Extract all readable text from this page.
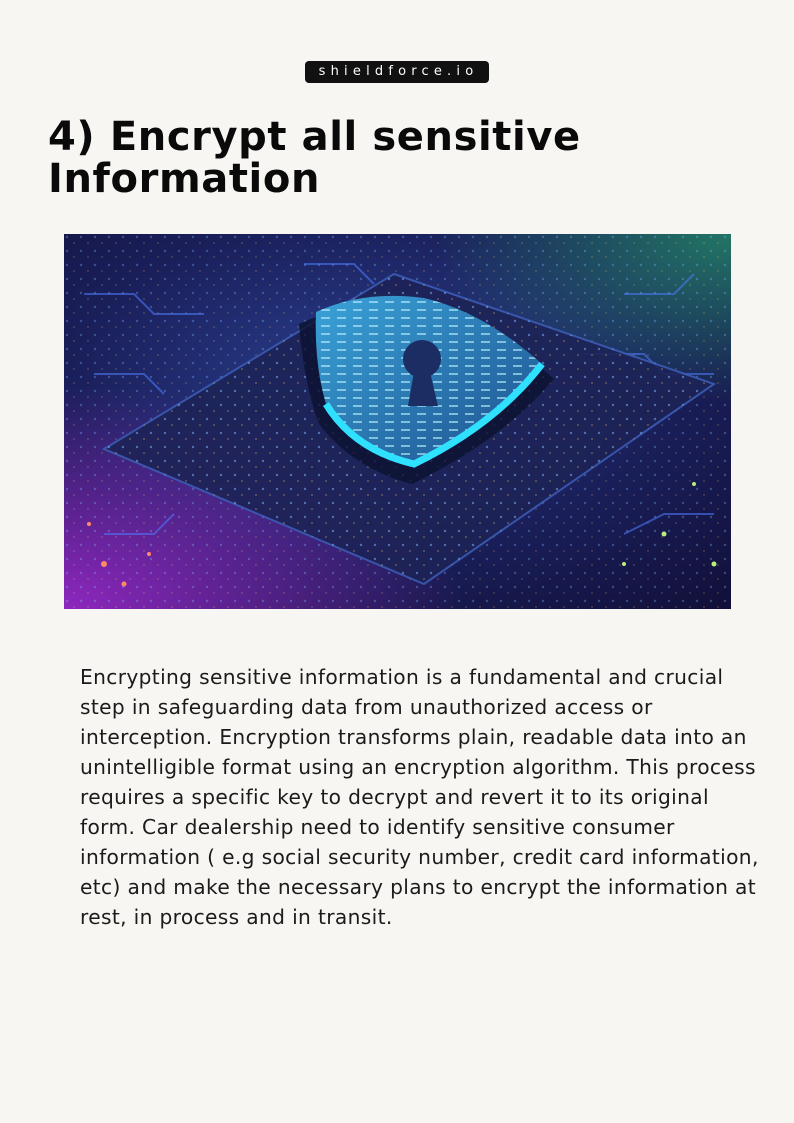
shieldforce.io
4) Encrypt all sensitive Information

Encrypting sensitive information is a fundamental and crucial step in safeguarding data from unauthorized access or interception. Encryption transforms plain, readable data into an unintelligible format using an encryption algorithm. This process requires a specific key to decrypt and revert it to its original form. Car dealership need to identify sensitive consumer information ( e.g social security number, credit card information, etc) and make the necessary plans to encrypt the information at rest, in process and in transit.
